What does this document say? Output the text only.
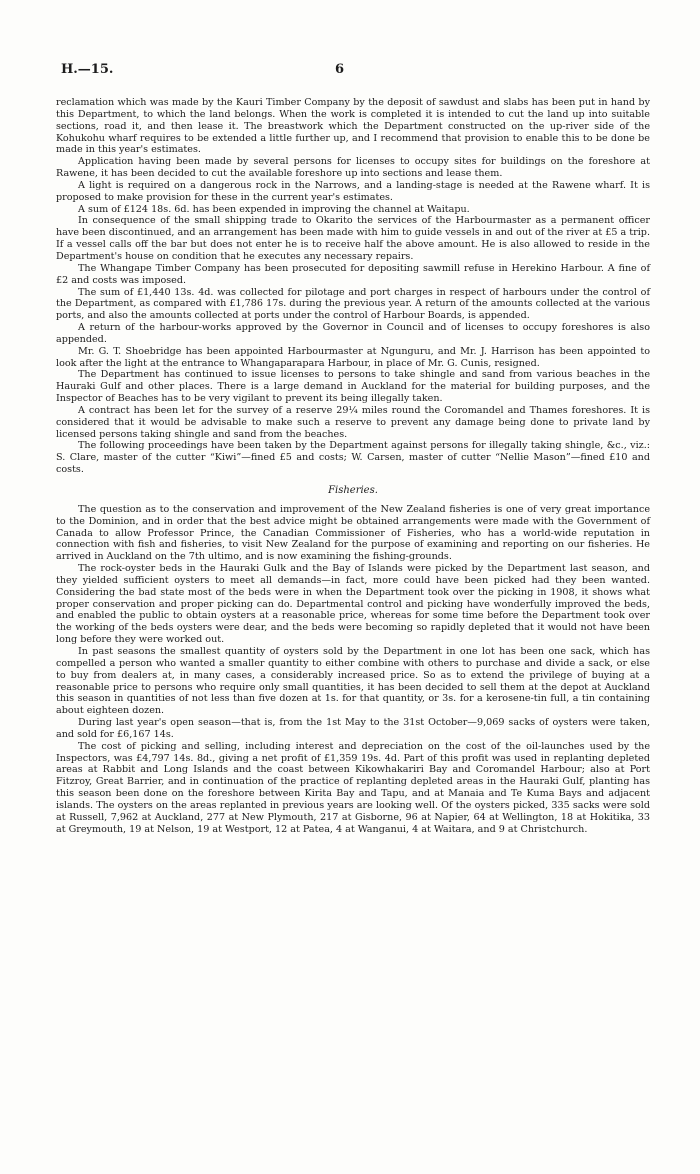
H.—15.	6

reclamation which was made by the Kauri Timber Company by the deposit of sawdust and slabs has been put in hand by this Department, to which the land belongs. When the work is completed it is intended to cut the land up into suitable sections, road it, and then lease it. The breastwork which the Department constructed on the up-river side of the Kohukohu wharf requires to be extended a little further up, and I recommend that provision to enable this to be done be made in this year's estimates.

Application having been made by several persons for licenses to occupy sites for buildings on the foreshore at Rawene, it has been decided to cut the available foreshore up into sections and lease them.

A light is required on a dangerous rock in the Narrows, and a landing-stage is needed at the Rawene wharf. It is proposed to make provision for these in the current year's estimates.

A sum of £124 18s. 6d. has been expended in improving the channel at Waitapu.

In consequence of the small shipping trade to Okarito the services of the Harbourmaster as a permanent officer have been discontinued, and an arrangement has been made with him to guide vessels in and out of the river at £5 a trip. If a vessel calls off the bar but does not enter he is to receive half the above amount. He is also allowed to reside in the Department's house on condition that he executes any necessary repairs.

The Whangape Timber Company has been prosecuted for depositing sawmill refuse in Herekino Harbour. A fine of £2 and costs was imposed.

The sum of £1,440 13s. 4d. was collected for pilotage and port charges in respect of harbours under the control of the Department, as compared with £1,786 17s. during the previous year. A return of the amounts collected at the various ports, and also the amounts collected at ports under the control of Harbour Boards, is appended.

A return of the harbour-works approved by the Governor in Council and of licenses to occupy foreshores is also appended.

Mr. G. T. Shoebridge has been appointed Harbourmaster at Ngunguru, and Mr. J. Harrison has been appointed to look after the light at the entrance to Whangaparapara Harbour, in place of Mr. G. Cunis, resigned.

The Department has continued to issue licenses to persons to take shingle and sand from various beaches in the Hauraki Gulf and other places. There is a large demand in Auckland for the material for building purposes, and the Inspector of Beaches has to be very vigilant to prevent its being illegally taken.

A contract has been let for the survey of a reserve 29¼ miles round the Coromandel and Thames foreshores. It is considered that it would be advisable to make such a reserve to prevent any damage being done to private land by licensed persons taking shingle and sand from the beaches.

The following proceedings have been taken by the Department against persons for illegally taking shingle, &c., viz.: S. Clare, master of the cutter “Kiwi”—fined £5 and costs; W. Carsen, master of cutter “Nellie Mason”—fined £10 and costs.

Fisheries.

The question as to the conservation and improvement of the New Zealand fisheries is one of very great importance to the Dominion, and in order that the best advice might be obtained arrangements were made with the Government of Canada to allow Professor Prince, the Canadian Commissioner of Fisheries, who has a world-wide reputation in connection with fish and fisheries, to visit New Zealand for the purpose of examining and reporting on our fisheries. He arrived in Auckland on the 7th ultimo, and is now examining the fishing-grounds.

The rock-oyster beds in the Hauraki Gulk and the Bay of Islands were picked by the Department last season, and they yielded sufficient oysters to meet all demands—in fact, more could have been picked had they been wanted. Considering the bad state most of the beds were in when the Department took over the picking in 1908, it shows what proper conservation and proper picking can do. Departmental control and picking have wonderfully improved the beds, and enabled the public to obtain oysters at a reasonable price, whereas for some time before the Department took over the working of the beds oysters were dear, and the beds were becoming so rapidly depleted that it would not have been long before they were worked out.

In past seasons the smallest quantity of oysters sold by the Department in one lot has been one sack, which has compelled a person who wanted a smaller quantity to either combine with others to purchase and divide a sack, or else to buy from dealers at, in many cases, a considerably increased price. So as to extend the privilege of buying at a reasonable price to persons who require only small quantities, it has been decided to sell them at the depot at Auckland this season in quantities of not less than five dozen at 1s. for that quantity, or 3s. for a kerosene-tin full, a tin containing about eighteen dozen.

During last year's open season—that is, from the 1st May to the 31st October—9,069 sacks of oysters were taken, and sold for £6,167 14s.

The cost of picking and selling, including interest and depreciation on the cost of the oil-launches used by the Inspectors, was £4,797 14s. 8d., giving a net profit of £1,359 19s. 4d. Part of this profit was used in replanting depleted areas at Rabbit and Long Islands and the coast between Kikowhakariri Bay and Coromandel Harbour; also at Port Fitzroy, Great Barrier, and in continuation of the practice of replanting depleted areas in the Hauraki Gulf, planting has this season been done on the foreshore between Kirita Bay and Tapu, and at Manaia and Te Kuma Bays and adjacent islands. The oysters on the areas replanted in previous years are looking well. Of the oysters picked, 335 sacks were sold at Russell, 7,962 at Auckland, 277 at New Plymouth, 217 at Gisborne, 96 at Napier, 64 at Wellington, 18 at Hokitika, 33 at Greymouth, 19 at Nelson, 19 at Westport, 12 at Patea, 4 at Wanganui, 4 at Waitara, and 9 at Christchurch.
